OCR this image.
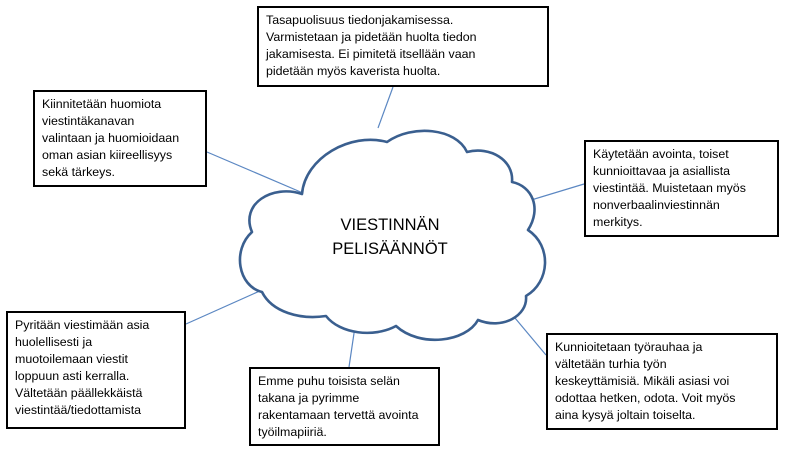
VIESTINNÄN
PELISÄÄNNÖT
Tasapuolisuus tiedonjakamisessa.
Varmistetaan ja pidetään huolta tiedon
jakamisesta. Ei pimitetä itsellään vaan
pidetään myös kaverista huolta.
Kiinnitetään huomiota
viestintäkanavan
valintaan ja huomioidaan
oman asian kiireellisyys
sekä tärkeys.
Käytetään avointa, toiset
kunnioittavaa ja asiallista
viestintää. Muistetaan myös
nonverbaalinviestinnän
merkitys.
Pyritään viestimään asia
huolellisesti ja
muotoilemaan viestit
loppuun asti kerralla.
Vältetään päällekkäistä
viestintää/tiedottamista
Emme puhu toisista selän
takana ja pyrimme
rakentamaan tervettä avointa
työilmapiiriä.
Kunnioitetaan työrauhaa ja
vältetään turhia työn
keskeyttämisiä. Mikäli asiasi voi
odottaa hetken, odota. Voit myös
aina kysyä joltain toiselta.
